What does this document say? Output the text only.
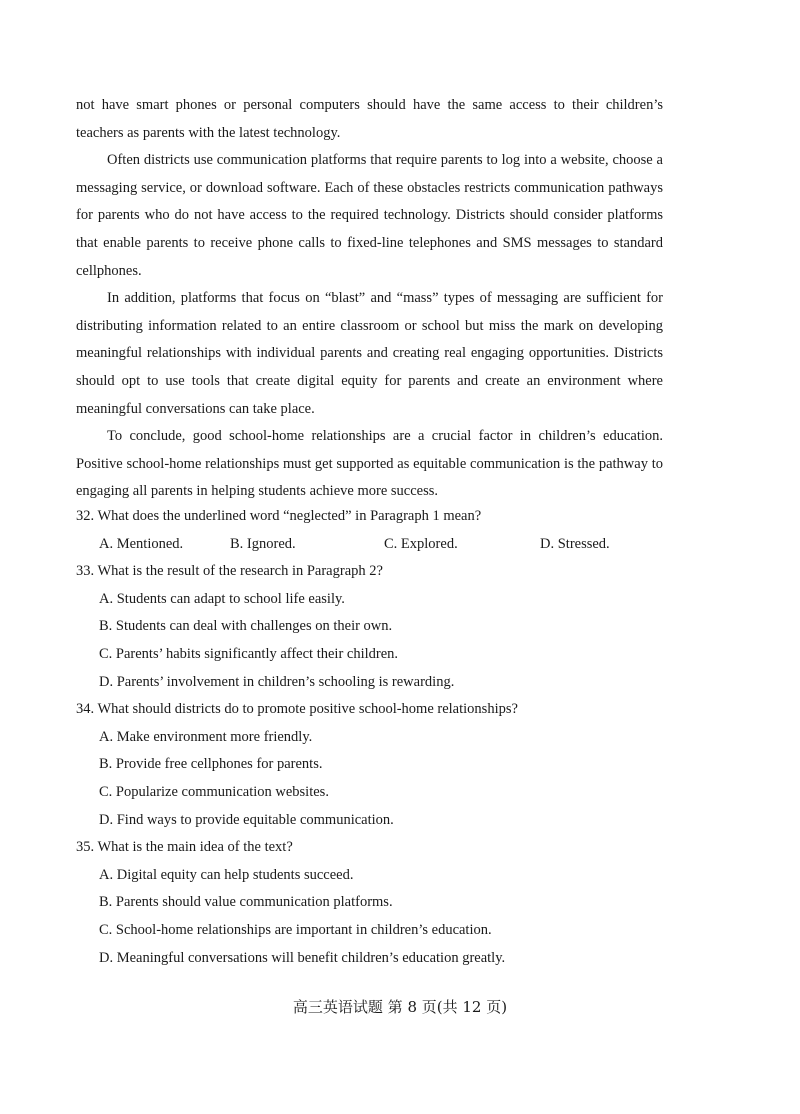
not have smart phones or personal computers should have the same access to their children’s teachers as parents with the latest technology.

Often districts use communication platforms that require parents to log into a website, choose a messaging service, or download software. Each of these obstacles restricts communication pathways for parents who do not have access to the required technology. Districts should consider platforms that enable parents to receive phone calls to fixed-line telephones and SMS messages to standard cellphones.

In addition, platforms that focus on “blast” and “mass” types of messaging are sufficient for distributing information related to an entire classroom or school but miss the mark on developing meaningful relationships with individual parents and creating real engaging opportunities. Districts should opt to use tools that create digital equity for parents and create an environment where meaningful conversations can take place.

To conclude, good school-home relationships are a crucial factor in children’s education. Positive school-home relationships must get supported as equitable communication is the pathway to engaging all parents in helping students achieve more success.

32. What does the underlined word “neglected” in Paragraph 1 mean?
A. Mentioned.	B. Ignored.	C. Explored.	D. Stressed.
33. What is the result of the research in Paragraph 2?
A. Students can adapt to school life easily.
B. Students can deal with challenges on their own.
C. Parents’ habits significantly affect their children.
D. Parents’ involvement in children’s schooling is rewarding.
34. What should districts do to promote positive school-home relationships?
A. Make environment more friendly.
B. Provide free cellphones for parents.
C. Popularize communication websites.
D. Find ways to provide equitable communication.
35. What is the main idea of the text?
A. Digital equity can help students succeed.
B. Parents should value communication platforms.
C. School-home relationships are important in children’s education.
D. Meaningful conversations will benefit children’s education greatly.
高三英语试题 第 8 页(共 12 页)
